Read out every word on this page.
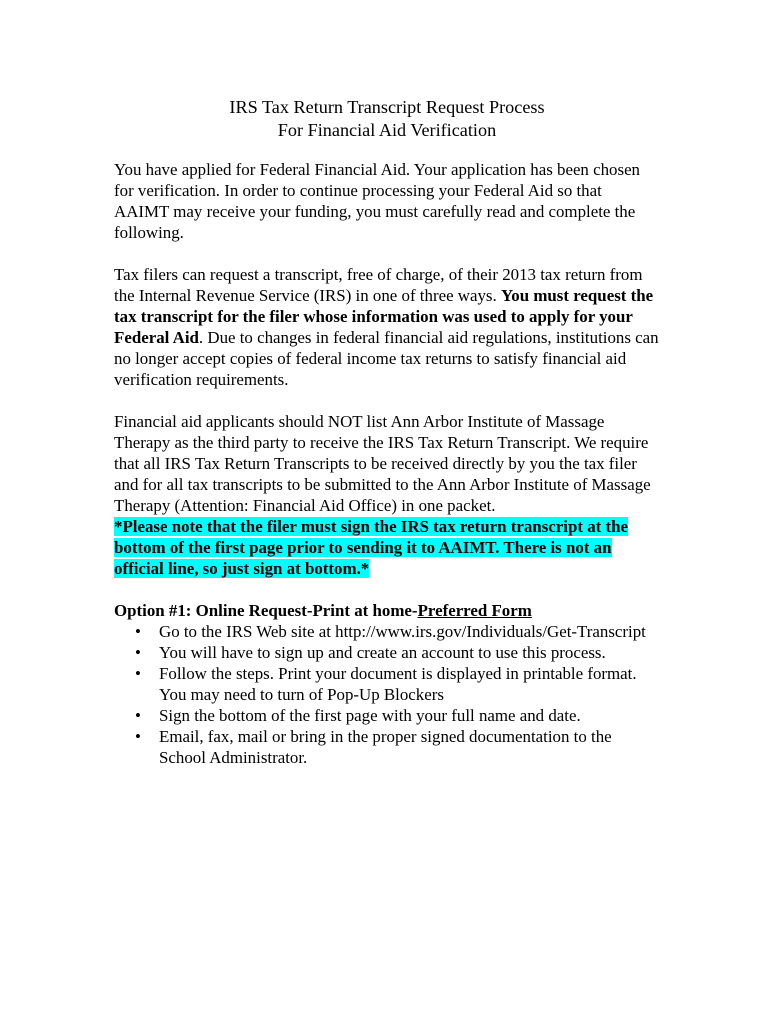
IRS Tax Return Transcript Request Process
For Financial Aid Verification

You have applied for Federal Financial Aid. Your application has been chosen for verification. In order to continue processing your Federal Aid so that AAIMT may receive your funding, you must carefully read and complete the following.

Tax filers can request a transcript, free of charge, of their 2013 tax return from the Internal Revenue Service (IRS) in one of three ways. You must request the tax transcript for the filer whose information was used to apply for your Federal Aid. Due to changes in federal financial aid regulations, institutions can no longer accept copies of federal income tax returns to satisfy financial aid verification requirements.

Financial aid applicants should NOT list Ann Arbor Institute of Massage Therapy as the third party to receive the IRS Tax Return Transcript. We require that all IRS Tax Return Transcripts to be received directly by you the tax filer and for all tax transcripts to be submitted to the Ann Arbor Institute of Massage Therapy (Attention: Financial Aid Office) in one packet.
*Please note that the filer must sign the IRS tax return transcript at the bottom of the first page prior to sending it to AAIMT. There is not an official line, so just sign at bottom.*

Option #1: Online Request-Print at home-Preferred Form

• Go to the IRS Web site at http://www.irs.gov/Individuals/Get-Transcript
• You will have to sign up and create an account to use this process.
• Follow the steps. Print your document is displayed in printable format. You may need to turn of Pop-Up Blockers
• Sign the bottom of the first page with your full name and date.
• Email, fax, mail or bring in the proper signed documentation to the School Administrator.
